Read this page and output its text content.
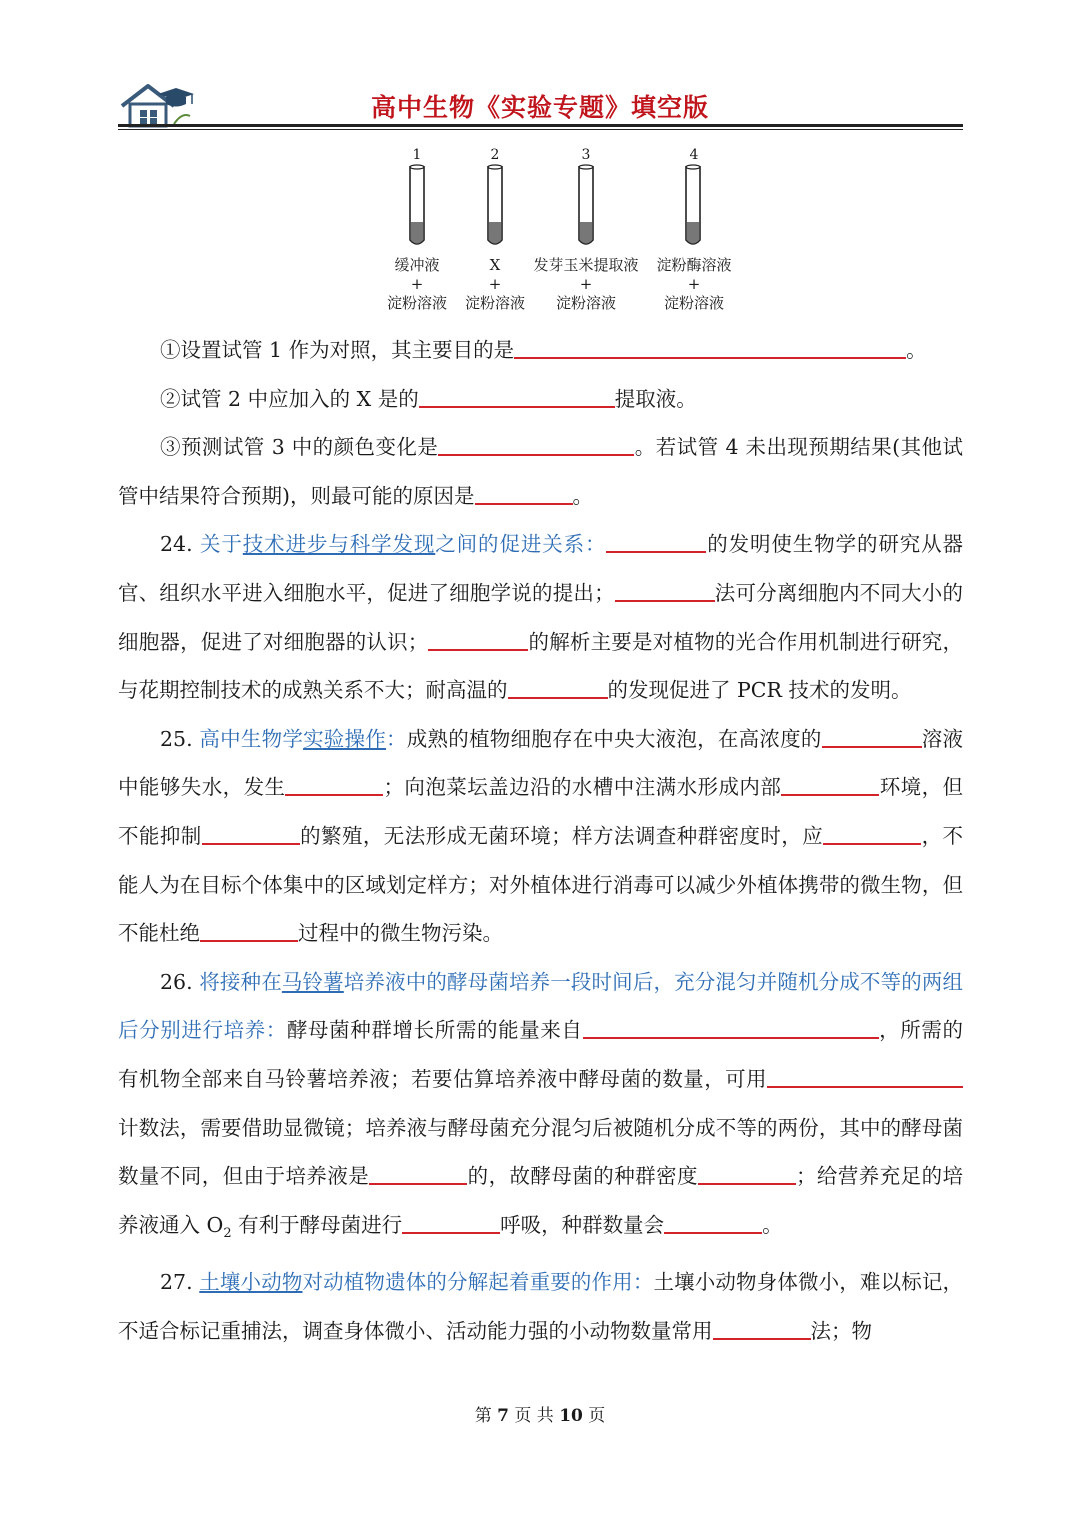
高中生物《实验专题》填空版
1
缓冲液
+
淀粉溶液
2
X
+
淀粉溶液
3
发芽玉米提取液
+
淀粉溶液
4
淀粉酶溶液
+
淀粉溶液

①设置试管 1 作为对照，其主要目的是	。

②试管 2 中应加入的 X 是的	提取液。

③预测试管 3 中的颜色变化是	。若试管 4 未出现预期结果(其他试管中结果符合预期)，则最可能的原因是	。

24. 关于技术进步与科学发现之间的促进关系：	的发明使生物学的研究从器官、组织水平进入细胞水平，促进了细胞学说的提出；	法可分离细胞内不同大小的细胞器，促进了对细胞器的认识；	的解析主要是对植物的光合作用机制进行研究，与花期控制技术的成熟关系不大；耐高温的	的发现促进了 PCR 技术的发明。

25. 高中生物学实验操作：成熟的植物细胞存在中央大液泡，在高浓度的	溶液中能够失水，发生	；向泡菜坛盖边沿的水槽中注满水形成内部	环境，但不能抑制	的繁殖，无法形成无菌环境；样方法调查种群密度时，应	，不能人为在目标个体集中的区域划定样方；对外植体进行消毒可以减少外植体携带的微生物，但不能杜绝	过程中的微生物污染。

26. 将接种在马铃薯培养液中的酵母菌培养一段时间后，充分混匀并随机分成不等的两组后分别进行培养：酵母菌种群增长所需的能量来自	，所需的有机物全部来自马铃薯培养液；若要估算培养液中酵母菌的数量，可用计数法，需要借助显微镜；培养液与酵母菌充分混匀后被随机分成不等的两份，其中的酵母菌数量不同，但由于培养液是	的，故酵母菌的种群密度	；给营养充足的培养液通入 $O_2$ 有利于酵母菌进行	呼吸，种群数量会	。

27. 土壤小动物对动植物遗体的分解起着重要的作用：土壤小动物身体微小，难以标记，不适合标记重捕法，调查身体微小、活动能力强的小动物数量常用	法；物

第 7 页 共 10 页
